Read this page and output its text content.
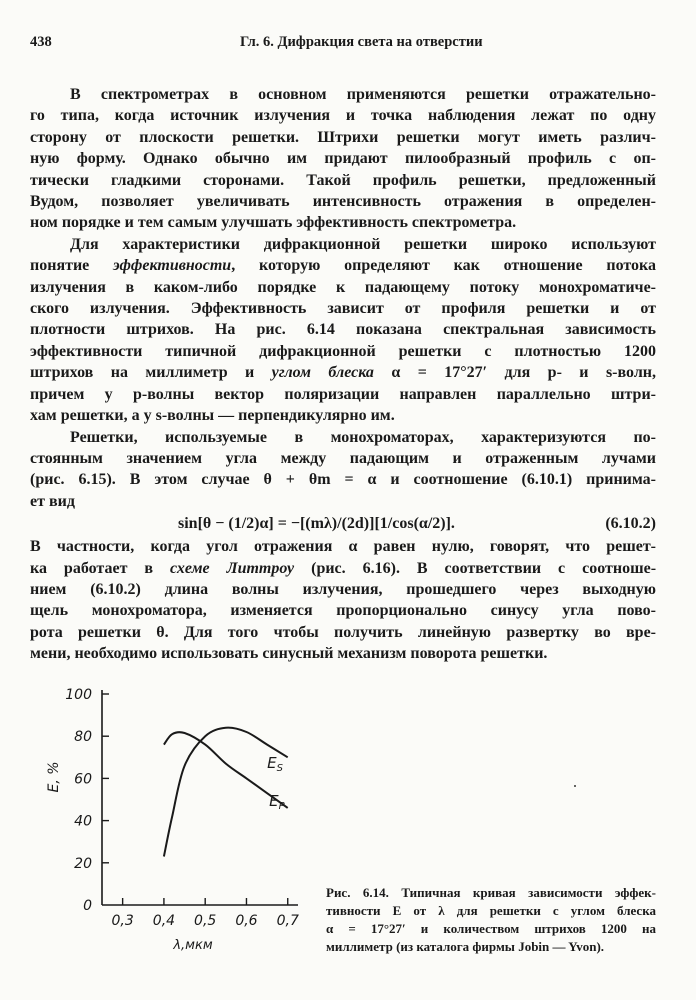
438	Гл. 6. Дифракция света на отверстии

В спектрометрах в основном применяются решетки отражательно-
го типа, когда источник излучения и точка наблюдения лежат по одну
сторону от плоскости решетки. Штрихи решетки могут иметь различ-
ную форму. Однако обычно им придают пилообразный профиль с оп-
тически гладкими сторонами. Такой профиль решетки, предложенный
Вудом, позволяет увеличивать интенсивность отражения в определен-
ном порядке и тем самым улучшать эффективность спектрометра.

Для характеристики дифракционной решетки широко используют
понятие эффективности, которую определяют как отношение потока
излучения в каком-либо порядке к падающему потоку монохроматиче-
ского излучения. Эффективность зависит от профиля решетки и от
плотности штрихов. На рис. 6.14 показана спектральная зависимость
эффективности типичной дифракционной решетки с плотностью 1200
штрихов на миллиметр и углом блеска α = 17°27′ для p- и s-волн,
причем у p-волны вектор поляризации направлен параллельно штри-
хам решетки, а у s-волны — перпендикулярно им.

Решетки, используемые в монохроматорах, характеризуются по-
стоянным значением угла между падающим и отраженным лучами
(рис. 6.15). В этом случае θ + θm = α и соотношение (6.10.1) принима-
ет вид

sin[θ − (1/2)α] = −[(mλ)/(2d)][1/cos(α/2)].	(6.10.2)

В частности, когда угол отражения α равен нулю, говорят, что решет-
ка работает в схеме Литтроу (рис. 6.16). В соответствии с соотноше-
нием (6.10.2) длина волны излучения, прошедшего через выходную
щель монохроматора, изменяется пропорционально синусу угла пово-
рота решетки θ. Для того чтобы получить линейную развертку во вре-
мени, необходимо использовать синусный механизм поворота решетки.

20
40
60
80
100
0
0,3 0,4 0,5 0,6 0,7
λ,мкм
E, %	$E_S$
$E_P$
Рис. 6.14. Типичная кривая зависимости эффек-
тивности E от λ для решетки с углом блеска
α = 17°27′ и количеством штрихов 1200 на
миллиметр (из каталога фирмы Jobin — Yvon).
